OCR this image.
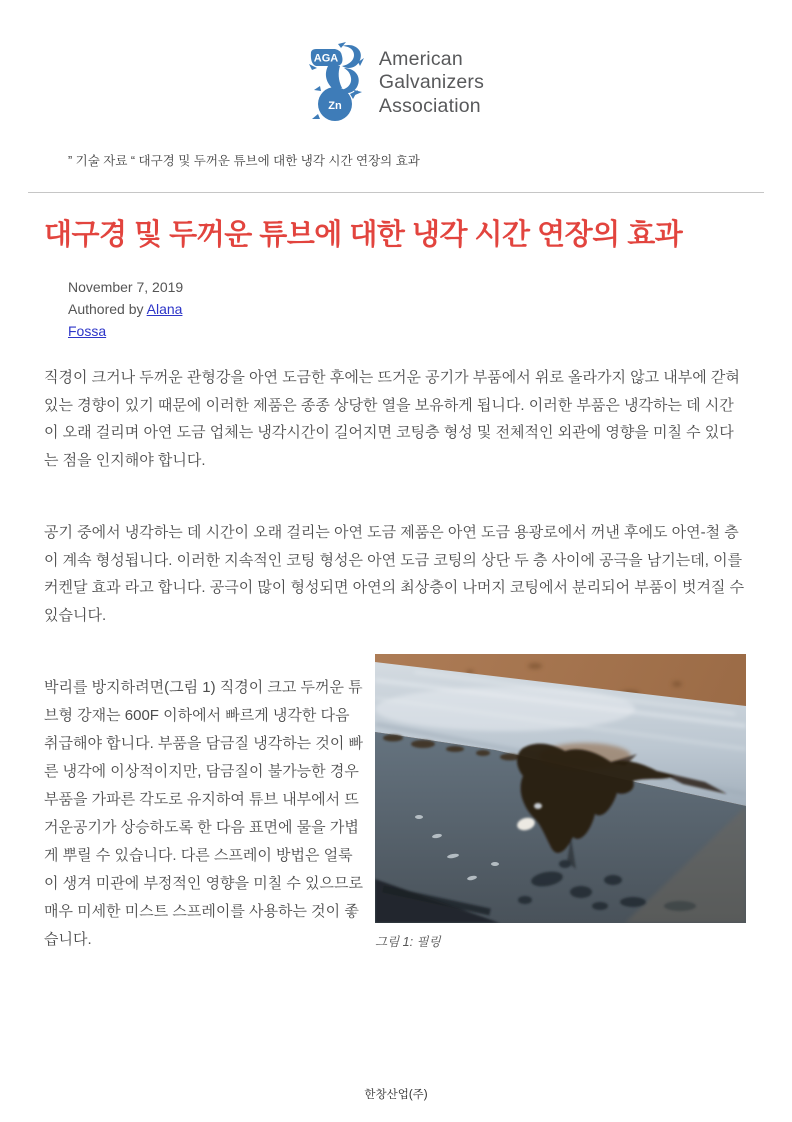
AGA
Zn
American
Galvanizers
Association
” 기술 자료 “ 대구경 및 두꺼운 튜브에 대한 냉각 시간 연장의 효과
대구경 및 두꺼운 튜브에 대한 냉각 시간 연장의 효과
November 7, 2019
Authored by Alana
Fossa

직경이 크거나 두꺼운 관형강을 아연 도금한 후에는 뜨거운 공기가 부품에서 위로 올라가지 않고 내부에 갇혀 있는 경향이 있기 때문에 이러한 제품은 종종 상당한 열을 보유하게 됩니다. 이러한 부품은 냉각하는 데 시간이 오래 걸리며 아연 도금 업체는 냉각시간이 길어지면 코팅층 형성 및 전체적인 외관에 영향을 미칠 수 있다는 점을 인지해야 합니다.

공기 중에서 냉각하는 데 시간이 오래 걸리는 아연 도금 제품은 아연 도금 용광로에서 꺼낸 후에도 아연-철 층이 계속 형성됩니다. 이러한 지속적인 코팅 형성은 아연 도금 코팅의 상단 두 층 사이에 공극을 남기는데, 이를 커켄달 효과 라고 합니다. 공극이 많이 형성되면 아연의 최상층이 나머지 코팅에서 분리되어 부품이 벗겨질 수 있습니다.

박리를 방지하려면(그림 1) 직경이 크고 두꺼운 튜브형 강재는 600F 이하에서 빠르게 냉각한 다음 취급해야 합니다. 부품을 담금질 냉각하는 것이 빠른 냉각에 이상적이지만, 담금질이 불가능한 경우부품을 가파른 각도로 유지하여 튜브 내부에서 뜨거운공기가 상승하도록 한 다음 표면에 물을 가볍게 뿌릴 수 있습니다. 다른 스프레이 방법은 얼룩이 생겨 미관에 부정적인 영향을 미칠 수 있으므로 매우 미세한 미스트 스프레이를 사용하는 것이 좋습니다.	그림 1: 필링
한창산업(주)
